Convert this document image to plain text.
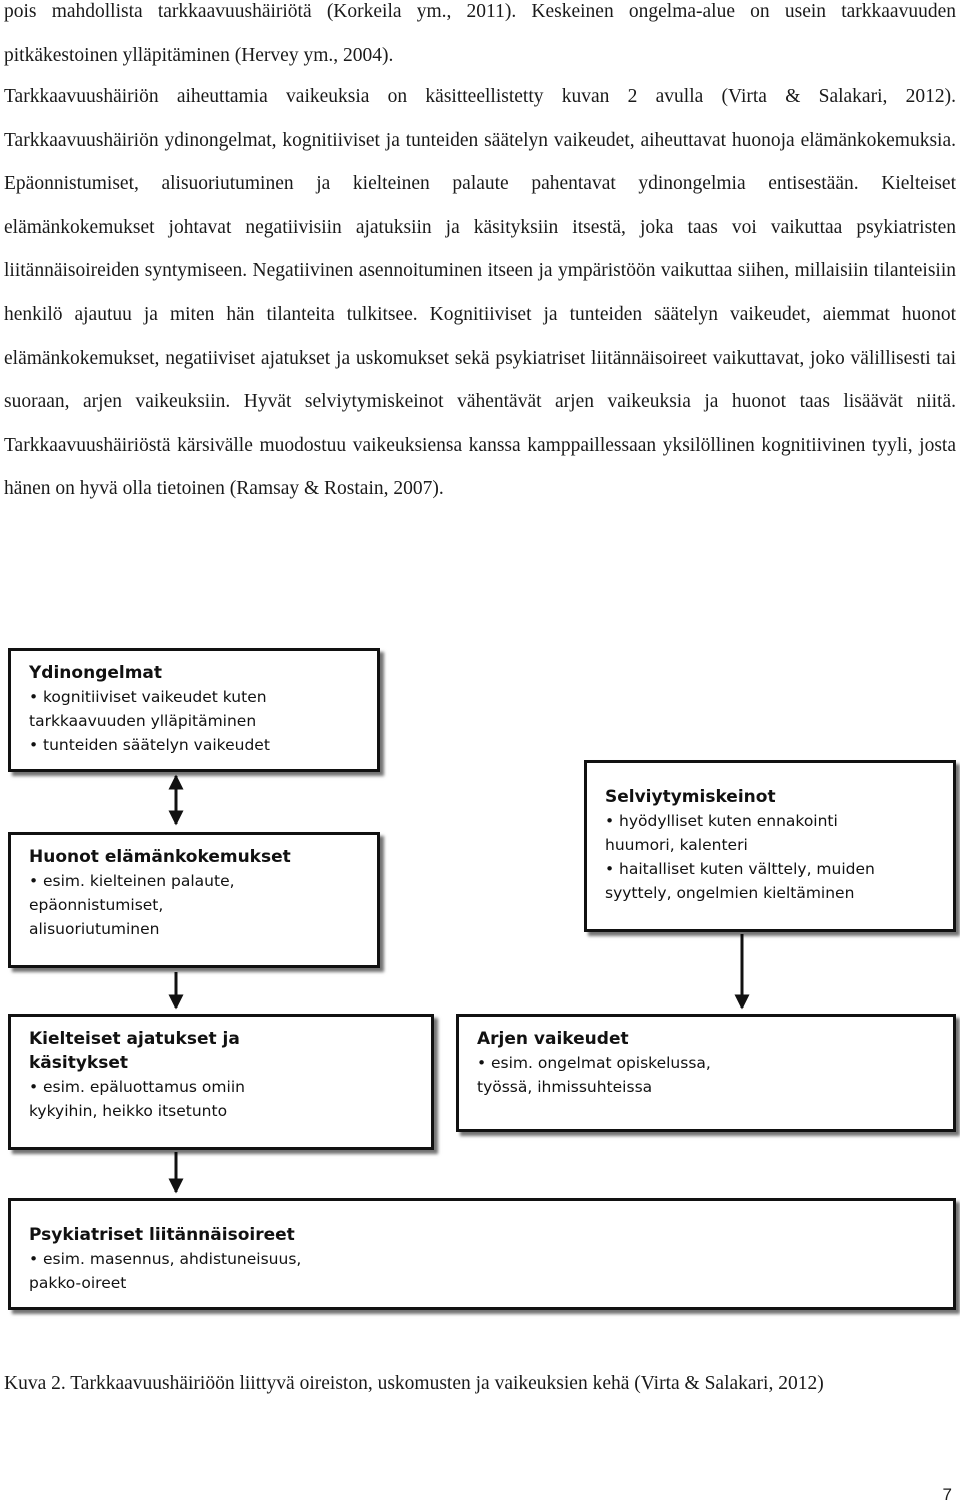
pois mahdollista tarkkaavuushäiriötä (Korkeila ym., 2011). Keskeinen ongelma-alue on usein tarkkaavuuden pitkäkestoinen ylläpitäminen (Hervey ym., 2004).

Tarkkaavuushäiriön aiheuttamia vaikeuksia on käsitteellistetty kuvan 2 avulla (Virta & Salakari, 2012). Tarkkaavuushäiriön ydinongelmat, kognitiiviset ja tunteiden säätelyn vaikeudet, aiheuttavat huonoja elämänkokemuksia. Epäonnistumiset, alisuoriutuminen ja kielteinen palaute pahentavat ydinongelmia entisestään. Kielteiset elämänkokemukset johtavat negatiivisiin ajatuksiin ja käsityksiin itsestä, joka taas voi vaikuttaa psykiatristen liitännäisoireiden syntymiseen. Negatiivinen asennoituminen itseen ja ympäristöön vaikuttaa siihen, millaisiin tilanteisiin henkilö ajautuu ja miten hän tilanteita tulkitsee. Kognitiiviset ja tunteiden säätelyn vaikeudet, aiemmat huonot elämänkokemukset, negatiiviset ajatukset ja uskomukset sekä psykiatriset liitännäisoireet vaikuttavat, joko välillisesti tai suoraan, arjen vaikeuksiin. Hyvät selviytymiskeinot vähentävät arjen vaikeuksia ja huonot taas lisäävät niitä. Tarkkaavuushäiriöstä kärsivälle muodostuu vaikeuksiensa kanssa kamppaillessaan yksilöllinen kognitiivinen tyyli, josta hänen on hyvä olla tietoinen (Ramsay & Rostain, 2007).

Ydinongelmat

• kognitiiviset vaikeudet kuten
tarkkaavuuden ylläpitäminen
• tunteiden säätelyn vaikeudet

Huonot elämänkokemukset

• esim. kielteinen palaute,
epäonnistumiset,
alisuoriutuminen

Selviytymiskeinot

• hyödylliset kuten ennakointi
huumori, kalenteri
• haitalliset kuten välttely, muiden
syyttely, ongelmien kieltäminen

Kielteiset ajatukset ja

käsitykset

• esim. epäluottamus omiin
kykyihin, heikko itsetunto

Arjen vaikeudet

• esim. ongelmat opiskelussa,
työssä, ihmissuhteissa

Psykiatriset liitännäisoireet

• esim. masennus, ahdistuneisuus,
pakko-oireet

Kuva 2. Tarkkaavuushäiriöön liittyvä oireiston, uskomusten ja vaikeuksien kehä (Virta & Salakari, 2012)

7
